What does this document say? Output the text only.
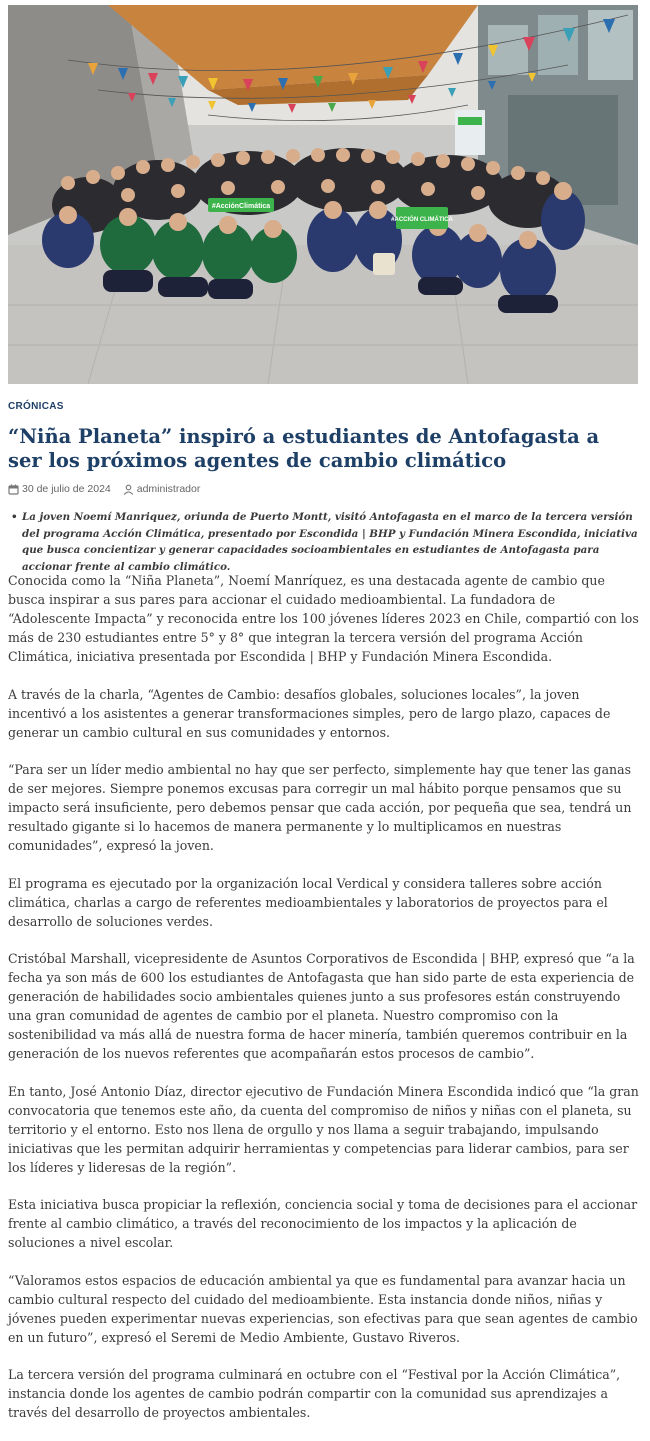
#AcciónClimática
#ACCIÓN CLIMÁTICA
CRÓNICAS
“Niña Planeta” inspiró a estudiantes de Antofagasta a ser los próximos agentes de cambio climático
30 de julio de 2024 administrador
• La joven Noemí Manriquez, oriunda de Puerto Montt, visitó Antofagasta en el marco de la tercera versión del programa Acción Climática, presentado por Escondida | BHP y Fundación Minera Escondida, iniciativa que busca concientizar y generar capacidades socioambientales en estudiantes de Antofagasta para accionar frente al cambio climático.

Conocida como la “Niña Planeta”, Noemí Manríquez, es una destacada agente de cambio que busca inspirar a sus pares para accionar el cuidado medioambiental. La fundadora de “Adolescente Impacta” y reconocida entre los 100 jóvenes líderes 2023 en Chile, compartió con los más de 230 estudiantes entre 5° y 8° que integran la tercera versión del programa Acción Climática, iniciativa presentada por Escondida | BHP y Fundación Minera Escondida.

A través de la charla, “Agentes de Cambio: desafíos globales, soluciones locales”, la joven incentivó a los asistentes a generar transformaciones simples, pero de largo plazo, capaces de generar un cambio cultural en sus comunidades y entornos.

“Para ser un líder medio ambiental no hay que ser perfecto, simplemente hay que tener las ganas de ser mejores. Siempre ponemos excusas para corregir un mal hábito porque pensamos que su impacto será insuficiente, pero debemos pensar que cada acción, por pequeña que sea, tendrá un resultado gigante si lo hacemos de manera permanente y lo multiplicamos en nuestras comunidades”, expresó la joven.

El programa es ejecutado por la organización local Verdical y considera talleres sobre acción climática, charlas a cargo de referentes medioambientales y laboratorios de proyectos para el desarrollo de soluciones verdes.

Cristóbal Marshall, vicepresidente de Asuntos Corporativos de Escondida | BHP, expresó que “a la fecha ya son más de 600 los estudiantes de Antofagasta que han sido parte de esta experiencia de generación de habilidades socio ambientales quienes junto a sus profesores están construyendo una gran comunidad de agentes de cambio por el planeta. Nuestro compromiso con la sostenibilidad va más allá de nuestra forma de hacer minería, también queremos contribuir en la generación de los nuevos referentes que acompañarán estos procesos de cambio”.

En tanto, José Antonio Díaz, director ejecutivo de Fundación Minera Escondida indicó que “la gran convocatoria que tenemos este año, da cuenta del compromiso de niños y niñas con el planeta, su territorio y el entorno. Esto nos llena de orgullo y nos llama a seguir trabajando, impulsando iniciativas que les permitan adquirir herramientas y competencias para liderar cambios, para ser los líderes y lideresas de la región”.

Esta iniciativa busca propiciar la reflexión, conciencia social y toma de decisiones para el accionar frente al cambio climático, a través del reconocimiento de los impactos y la aplicación de soluciones a nivel escolar.

“Valoramos estos espacios de educación ambiental ya que es fundamental para avanzar hacia un cambio cultural respecto del cuidado del medioambiente. Esta instancia donde niños, niñas y jóvenes pueden experimentar nuevas experiencias, son efectivas para que sean agentes de cambio en un futuro”, expresó el Seremi de Medio Ambiente, Gustavo Riveros.

La tercera versión del programa culminará en octubre con el “Festival por la Acción Climática”, instancia donde los agentes de cambio podrán compartir con la comunidad sus aprendizajes a través del desarrollo de proyectos ambientales.
